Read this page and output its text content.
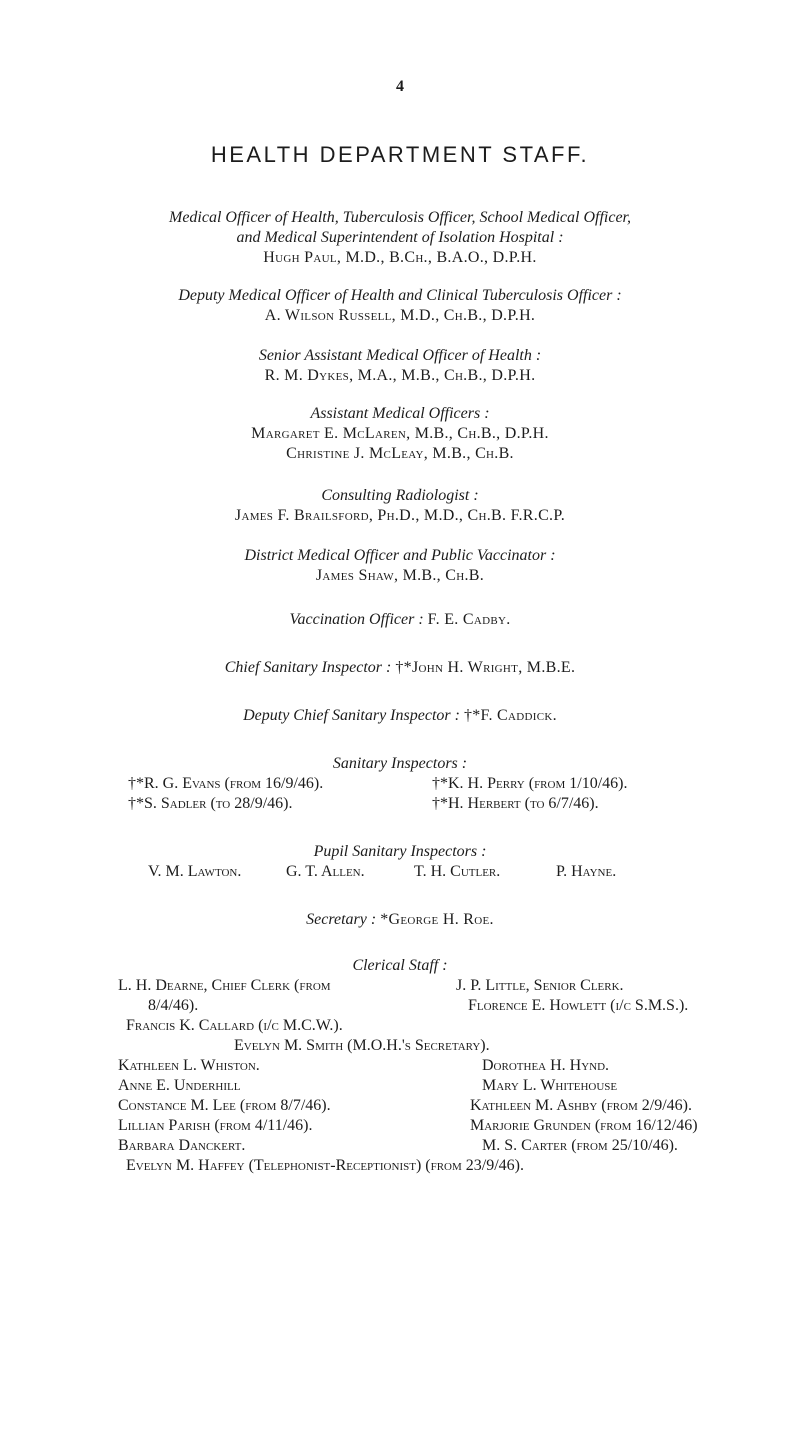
4
HEALTH DEPARTMENT STAFF.
Medical Officer of Health, Tuberculosis Officer, School Medical Officer,
and Medical Superintendent of Isolation Hospital :
Hugh Paul, M.D., B.Ch., B.A.O., D.P.H.
Deputy Medical Officer of Health and Clinical Tuberculosis Officer :
A. Wilson Russell, M.D., Ch.B., D.P.H.
Senior Assistant Medical Officer of Health :
R. M. Dykes, M.A., M.B., Ch.B., D.P.H.
Assistant Medical Officers :
Margaret E. McLaren, M.B., Ch.B., D.P.H.
Christine J. McLeay, M.B., Ch.B.
Consulting Radiologist :
James F. Brailsford, Ph.D., M.D., Ch.B. F.R.C.P.
District Medical Officer and Public Vaccinator :
James Shaw, M.B., Ch.B.
Vaccination Officer : F. E. Cadby.
Chief Sanitary Inspector : †*John H. Wright, M.B.E.
Deputy Chief Sanitary Inspector : †*F. Caddick.
Sanitary Inspectors :
†*R. G. Evans (from 16/9/46).	†*K. H. Perry (from 1/10/46).
†*S. Sadler (to 28/9/46).	†*H. Herbert (to 6/7/46).
Pupil Sanitary Inspectors :
V. M. Lawton.	G. T. Allen.	T. H. Cutler.	P. Hayne.
Secretary : *George H. Roe.
Clerical Staff :
L. H. Dearne, Chief Clerk (from	J. P. Little, Senior Clerk.
8/4/46).	Florence E. Howlett (i/c S.M.S.).
Francis K. Callard (i/c M.C.W.).
Evelyn M. Smith (M.O.H.'s Secretary).
Kathleen L. Whiston.	Dorothea H. Hynd.
Anne E. Underhill	Mary L. Whitehouse
Constance M. Lee (from 8/7/46).	Kathleen M. Ashby (from 2/9/46).
Lillian Parish (from 4/11/46).	Marjorie Grunden (from 16/12/46)
Barbara Danckert.	M. S. Carter (from 25/10/46).
Evelyn M. Haffey (Telephonist-Receptionist) (from 23/9/46).
